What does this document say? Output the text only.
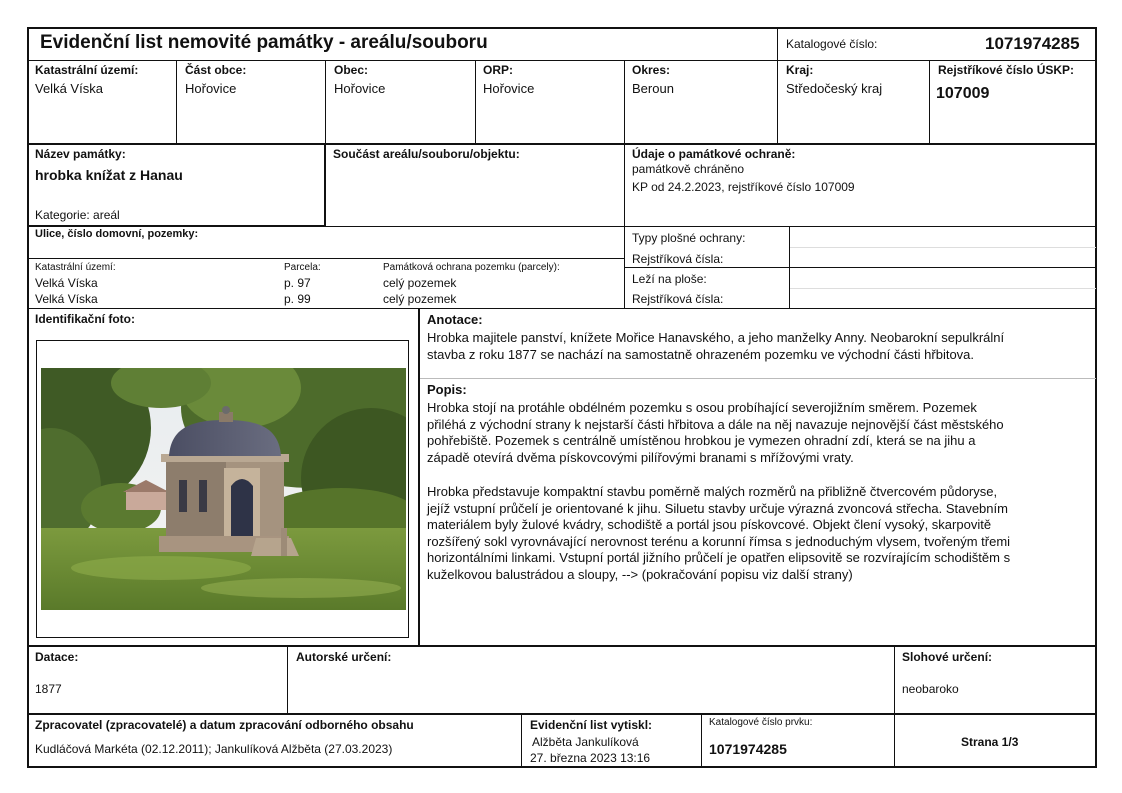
Evidenční list nemovité památky - areálu/souboru	Katalogové číslo:	1071974285
Katastrální území:
Velká Víska
Část obce:
Hořovice
Obec:
Hořovice
ORP:
Hořovice
Okres:
Beroun
Kraj:
Středočeský kraj
Rejstříkové číslo ÚSKP:
107009
Název památky:
hrobka knížat z Hanau
Kategorie: areál
Součást areálu/souboru/objektu:	Údaje o památkové ochraně:
památkově chráněno
KP od 24.2.2023, rejstříkové číslo 107009
Ulice, číslo domovní, pozemky:
Katastrální území:	Parcela:	Památková ochrana pozemku (parcely):
Velká Víska	p. 97	celý pozemek
Velká Víska	p. 99	celý pozemek
Typy plošné ochrany:
Rejstříková čísla:
Leží na ploše:
Rejstříková čísla:
Identifikační foto:	Anotace:
Hrobka majitele panství, knížete Mořice Hanavského, a jeho manželky Anny. Neobarokní sepulkrální
stavba z roku 1877 se nachází na samostatně ohrazeném pozemku ve východní části hřbitova.
Popis:
Hrobka stojí na protáhle obdélném pozemku s osou probíhající severojižním směrem. Pozemek
přiléhá z východní strany k nejstarší části hřbitova a dále na něj navazuje nejnovější část městského
pohřebiště. Pozemek s centrálně umístěnou hrobkou je vymezen ohradní zdí, která se na jihu a
západě otevírá dvěma pískovcovými pilířovými branami s mřížovými vraty.
Hrobka představuje kompaktní stavbu poměrně malých rozměrů na přibližně čtvercovém půdoryse,
jejíž vstupní průčelí je orientované k jihu. Siluetu stavby určuje výrazná zvoncová střecha. Stavebním
materiálem byly žulové kvádry, schodiště a portál jsou pískovcové. Objekt člení vysoký, skarpovitě
rozšířený sokl vyrovnávající nerovnost terénu a korunní římsa s jednoduchým vlysem, tvořeným třemi
horizontálními linkami. Vstupní portál jižního průčelí je opatřen elipsovitě se rozvírajícím schodištěm s
kuželkovou balustrádou a sloupy, --> (pokračování popisu viz další strany)
Datace:
1877
Autorské určení:	Slohové určení:
neobaroko
Zpracovatel (zpracovatelé) a datum zpracování odborného obsahu
Kudláčová Markéta (02.12.2011); Jankulíková Alžběta (27.03.2023)
Evidenční list vytiskl:
Alžběta Jankulíková
27. března 2023 13:16
Katalogové číslo prvku:
1071974285	Strana 1/3
